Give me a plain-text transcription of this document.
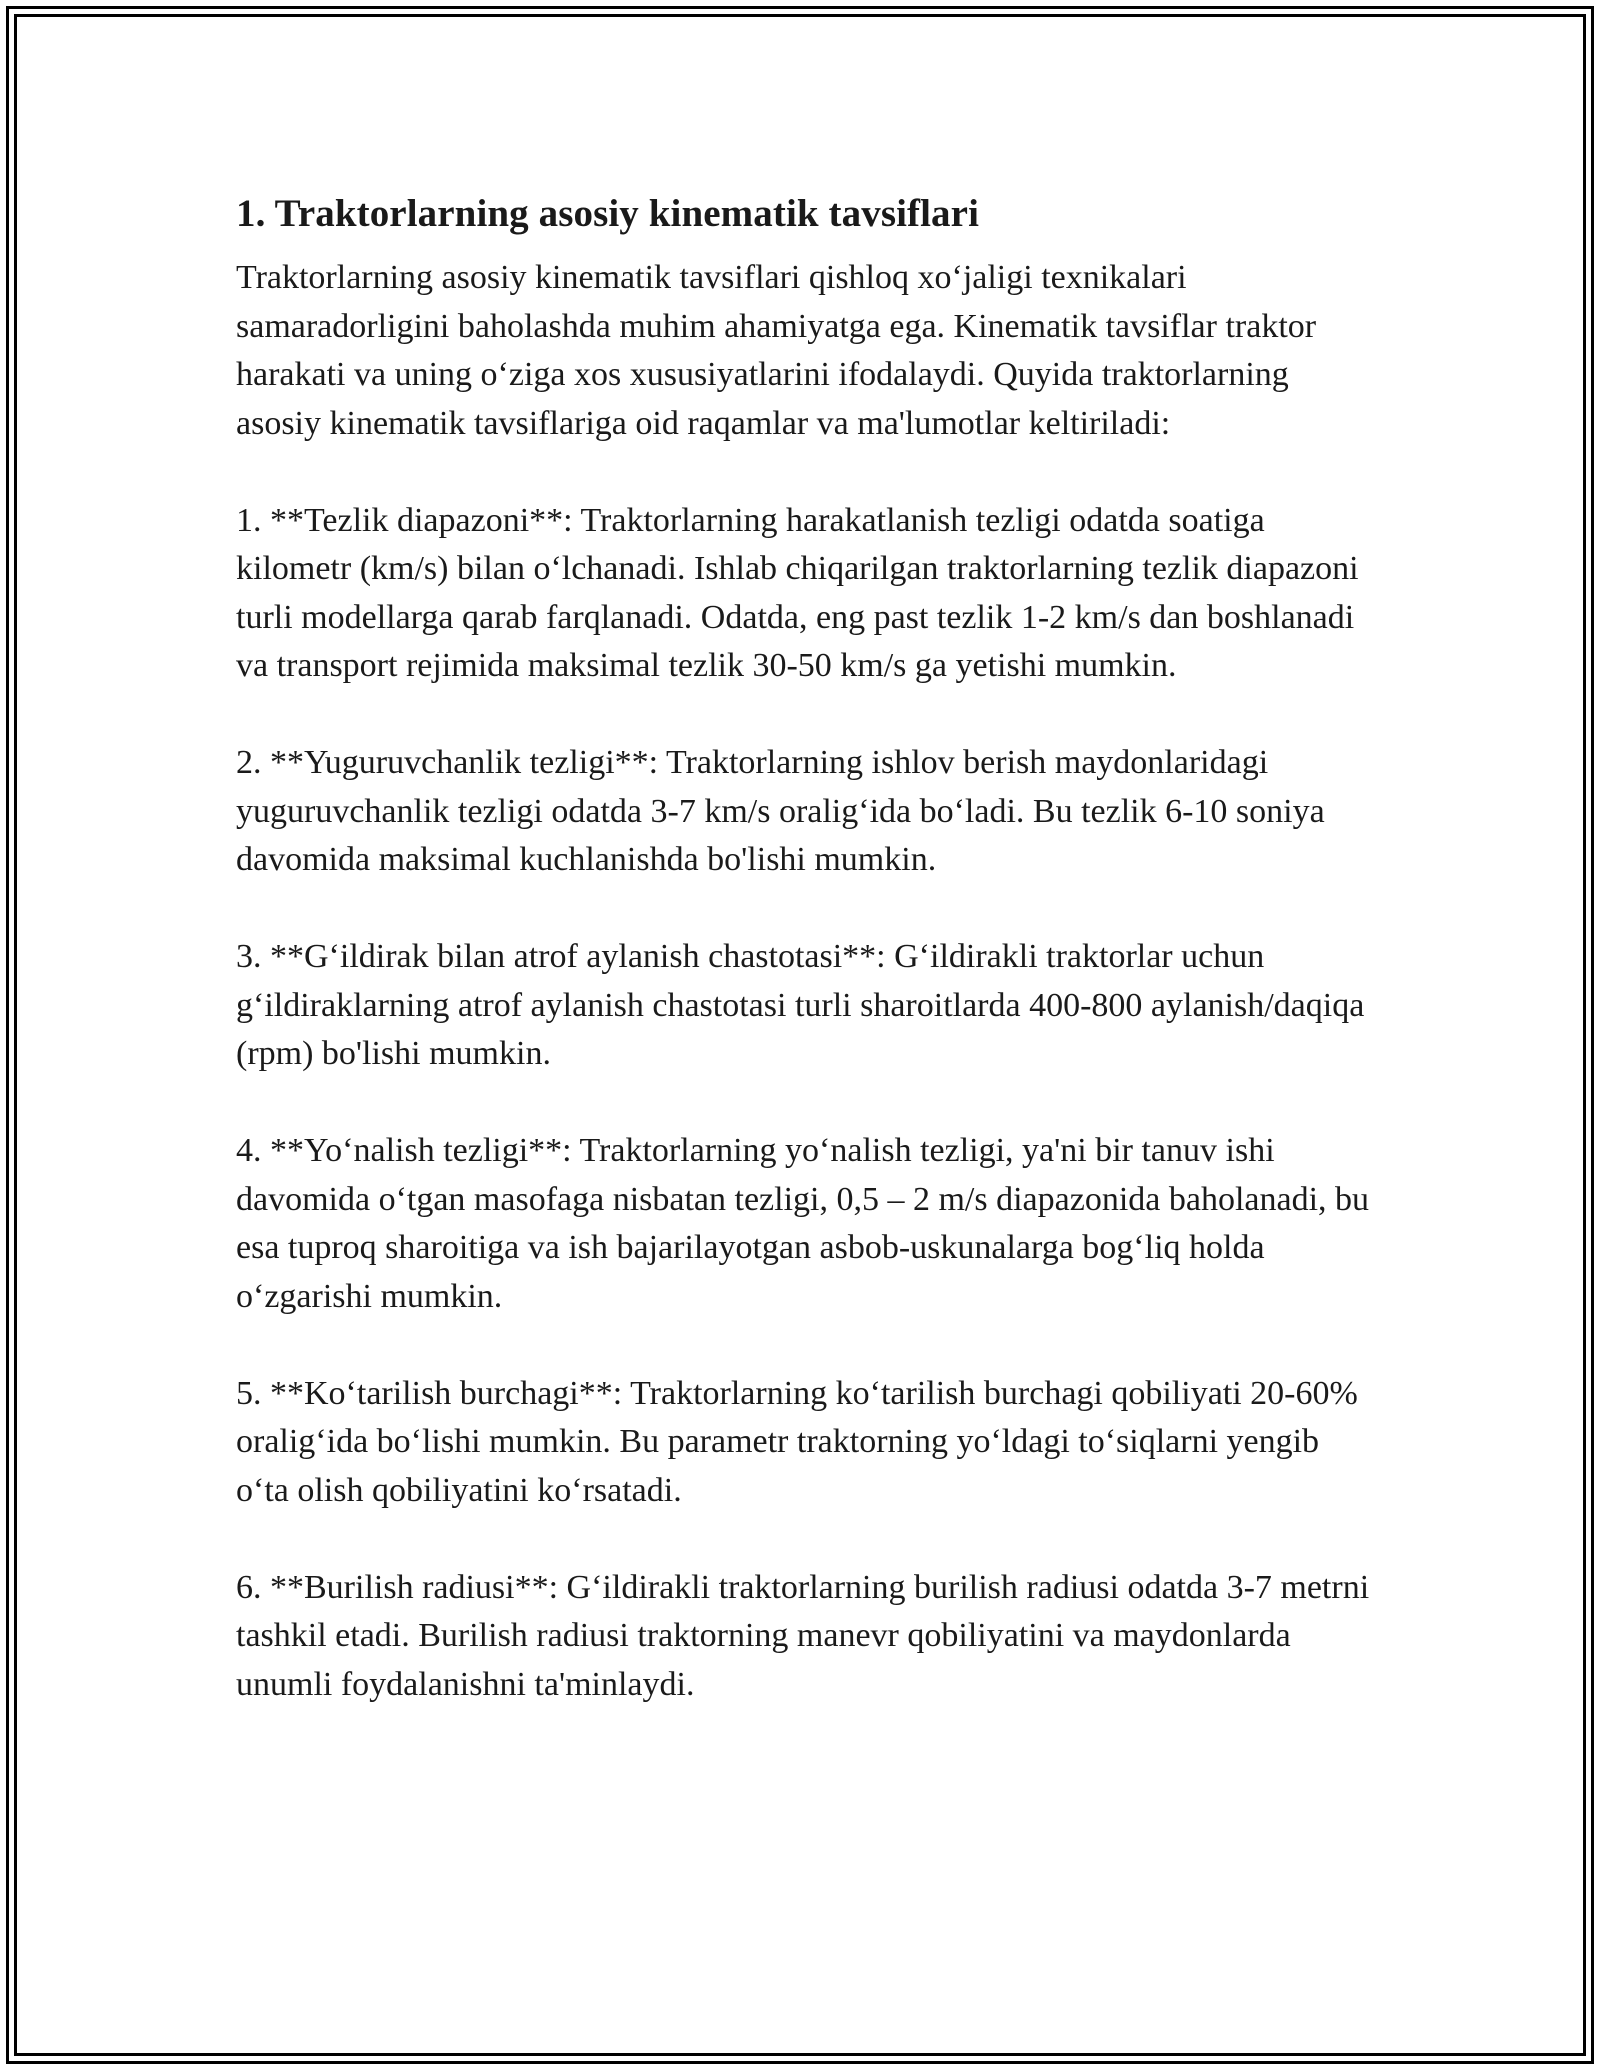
1. Traktorlarning asosiy kinematik tavsiflari

Traktorlarning asosiy kinematik tavsiflari qishloq xo‘jaligi texnikalari samaradorligini baholashda muhim ahamiyatga ega. Kinematik tavsiflar traktor harakati va uning o‘ziga xos xususiyatlarini ifodalaydi. Quyida traktorlarning asosiy kinematik tavsiflariga oid raqamlar va ma'lumotlar keltiriladi:

1. **Tezlik diapazoni**: Traktorlarning harakatlanish tezligi odatda soatiga kilometr (km/s) bilan o‘lchanadi. Ishlab chiqarilgan traktorlarning tezlik diapazoni turli modellarga qarab farqlanadi. Odatda, eng past tezlik 1-2 km/s dan boshlanadi va transport rejimida maksimal tezlik 30-50 km/s ga yetishi mumkin.

2. **Yuguruvchanlik tezligi**: Traktorlarning ishlov berish maydonlaridagi yuguruvchanlik tezligi odatda 3-7 km/s oralig‘ida bo‘ladi. Bu tezlik 6-10 soniya davomida maksimal kuchlanishda bo'lishi mumkin.

3. **G‘ildirak bilan atrof aylanish chastotasi**: G‘ildirakli traktorlar uchun g‘ildiraklarning atrof aylanish chastotasi turli sharoitlarda 400-800 aylanish/daqiqa (rpm) bo'lishi mumkin.

4. **Yo‘nalish tezligi**: Traktorlarning yo‘nalish tezligi, ya'ni bir tanuv ishi davomida o‘tgan masofaga nisbatan tezligi, 0,5 – 2 m/s diapazonida baholanadi, bu esa tuproq sharoitiga va ish bajarilayotgan asbob-uskunalarga bog‘liq holda o‘zgarishi mumkin.

5. **Ko‘tarilish burchagi**: Traktorlarning ko‘tarilish burchagi qobiliyati 20-60% oralig‘ida bo‘lishi mumkin. Bu parametr traktorning yo‘ldagi to‘siqlarni yengib o‘ta olish qobiliyatini ko‘rsatadi.

6. **Burilish radiusi**: G‘ildirakli traktorlarning burilish radiusi odatda 3-7 metrni tashkil etadi. Burilish radiusi traktorning manevr qobiliyatini va maydonlarda unumli foydalanishni ta'minlaydi.
